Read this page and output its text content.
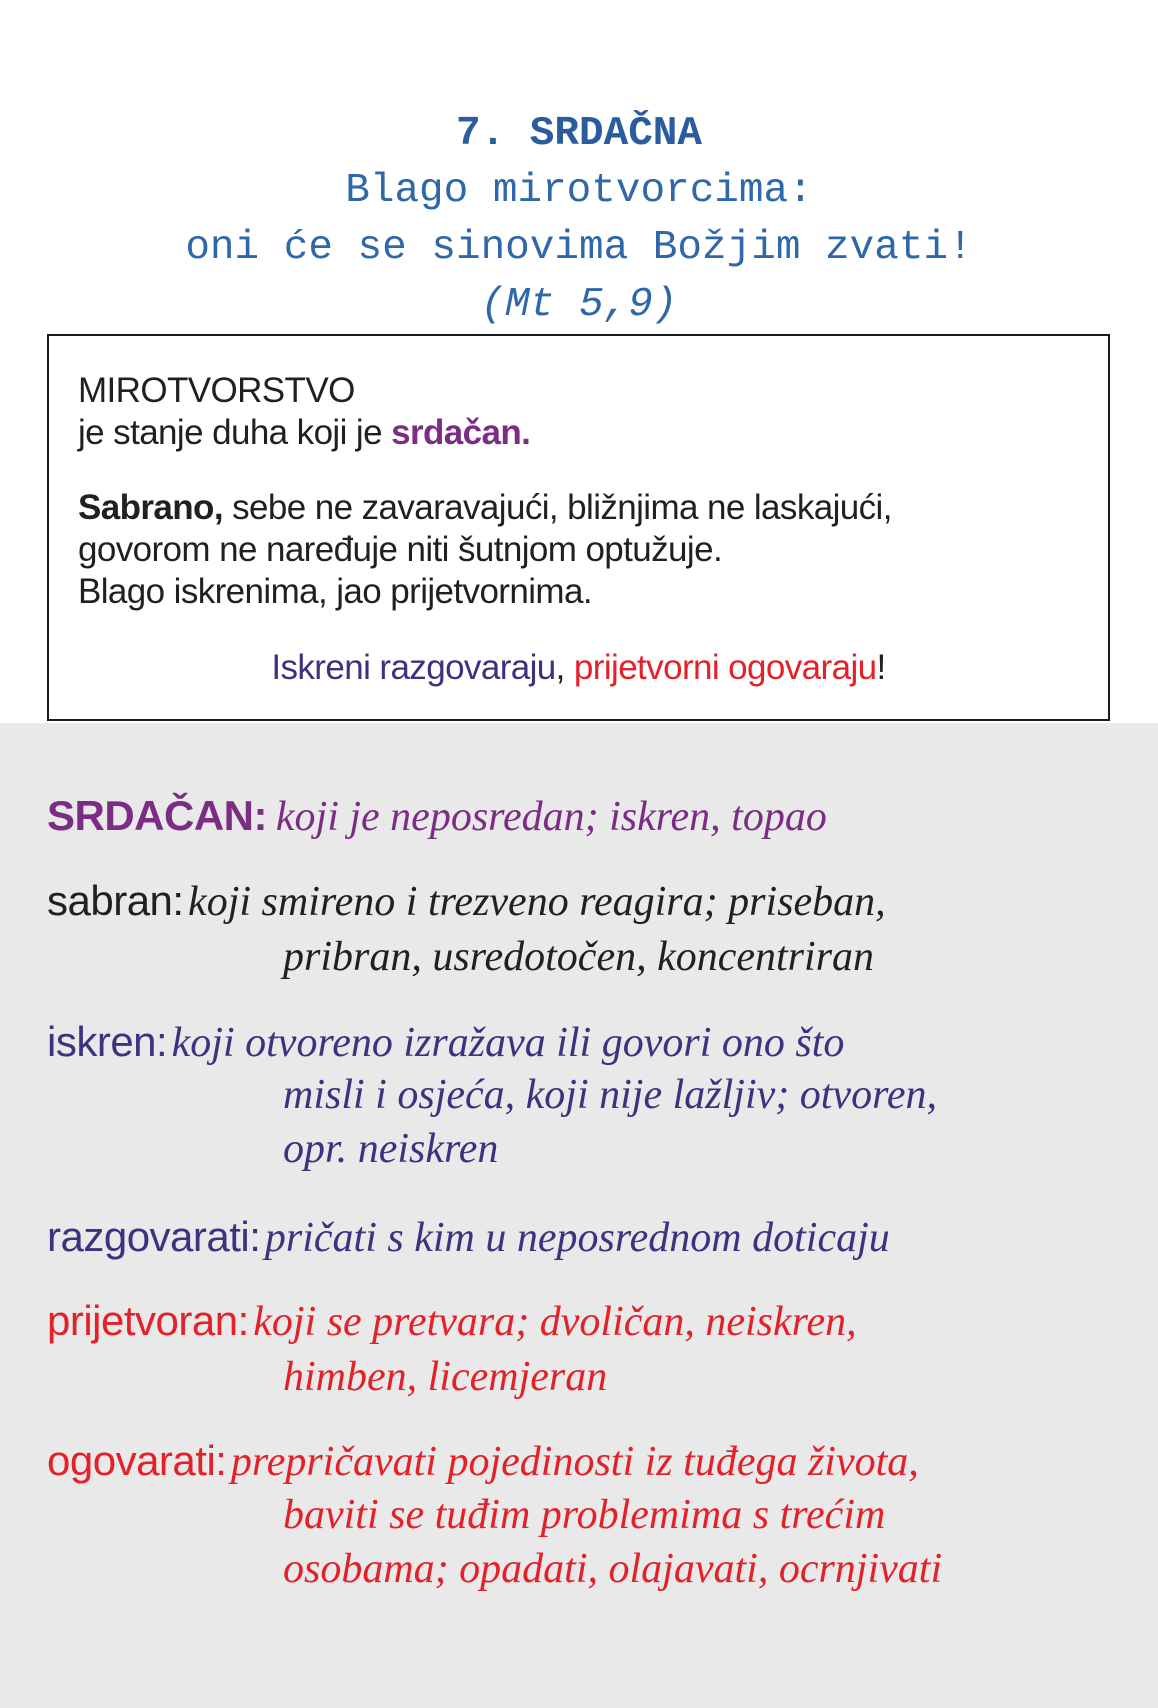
7. SRDAČNA
Blago mirotvorcima:
oni će se sinovima Božjim zvati!
(Mt 5,9)
MIROTVORSTVO
je stanje duha koji je srdačan.
Sabrano, sebe ne zavaravajući, bližnjima ne laskajući,
govorom ne naređuje niti šutnjom optužuje.
Blago iskrenima, jao prijetvornima.
Iskreni razgovaraju, prijetvorni ogovaraju!
SRDAČAN: koji je neposredan; iskren, topao
sabran: koji smireno i trezveno reagira; priseban,
pribran, usredotočen, koncentriran
iskren: koji otvoreno izražava ili govori ono što
misli i osjeća, koji nije lažljiv; otvoren,
opr. neiskren
razgovarati: pričati s kim u neposrednom doticaju
prijetvoran: koji se pretvara; dvoličan, neiskren,
himben, licemjeran
ogovarati: prepričavati pojedinosti iz tuđega života,
baviti se tuđim problemima s trećim
osobama; opadati, olajavati, ocrnjivati
